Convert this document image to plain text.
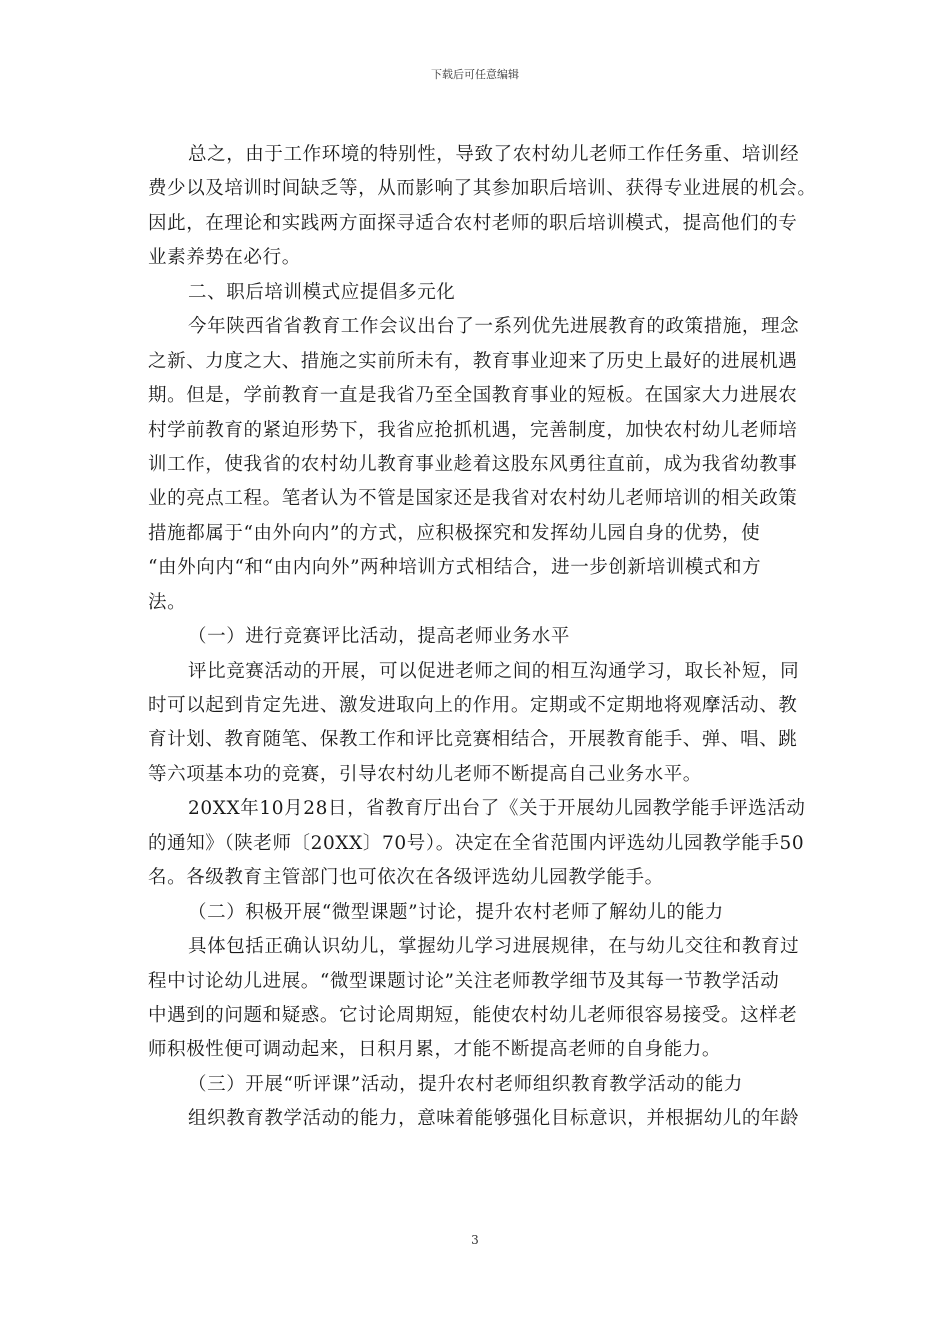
下载后可任意编辑

总之，由于工作环境的特别性，导致了农村幼儿老师工作任务重、培训经

费少以及培训时间缺乏等，从而影响了其参加职后培训、获得专业进展的机会。

因此，在理论和实践两方面探寻适合农村老师的职后培训模式，提高他们的专

业素养势在必行。

二、职后培训模式应提倡多元化

今年陕西省省教育工作会议出台了一系列优先进展教育的政策措施，理念

之新、力度之大、措施之实前所未有，教育事业迎来了历史上最好的进展机遇

期。但是，学前教育一直是我省乃至全国教育事业的短板。在国家大力进展农

村学前教育的紧迫形势下，我省应抢抓机遇，完善制度，加快农村幼儿老师培

训工作，使我省的农村幼儿教育事业趁着这股东风勇往直前，成为我省幼教事

业的亮点工程。笔者认为不管是国家还是我省对农村幼儿老师培训的相关政策

措施都属于“由外向内”的方式，应积极探究和发挥幼儿园自身的优势，使

“由外向内“和“由内向外”两种培训方式相结合，进一步创新培训模式和方

法。

（一）进行竞赛评比活动，提高老师业务水平

评比竞赛活动的开展，可以促进老师之间的相互沟通学习，取长补短，同

时可以起到肯定先进、激发进取向上的作用。定期或不定期地将观摩活动、教

育计划、教育随笔、保教工作和评比竞赛相结合，开展教育能手、弹、唱、跳

等六项基本功的竞赛，引导农村幼儿老师不断提高自己业务水平。

20XX年10月28日，省教育厅出台了《关于开展幼儿园教学能手评选活动

的通知》（陕老师〔20XX〕70号）。决定在全省范围内评选幼儿园教学能手50

名。各级教育主管部门也可依次在各级评选幼儿园教学能手。

（二）积极开展“微型课题”讨论，提升农村老师了解幼儿的能力

具体包括正确认识幼儿，掌握幼儿学习进展规律，在与幼儿交往和教育过

程中讨论幼儿进展。“微型课题讨论”关注老师教学细节及其每一节教学活动

中遇到的问题和疑惑。它讨论周期短，能使农村幼儿老师很容易接受。这样老

师积极性便可调动起来，日积月累，才能不断提高老师的自身能力。

（三）开展“听评课”活动，提升农村老师组织教育教学活动的能力

组织教育教学活动的能力，意味着能够强化目标意识，并根据幼儿的年龄

3
